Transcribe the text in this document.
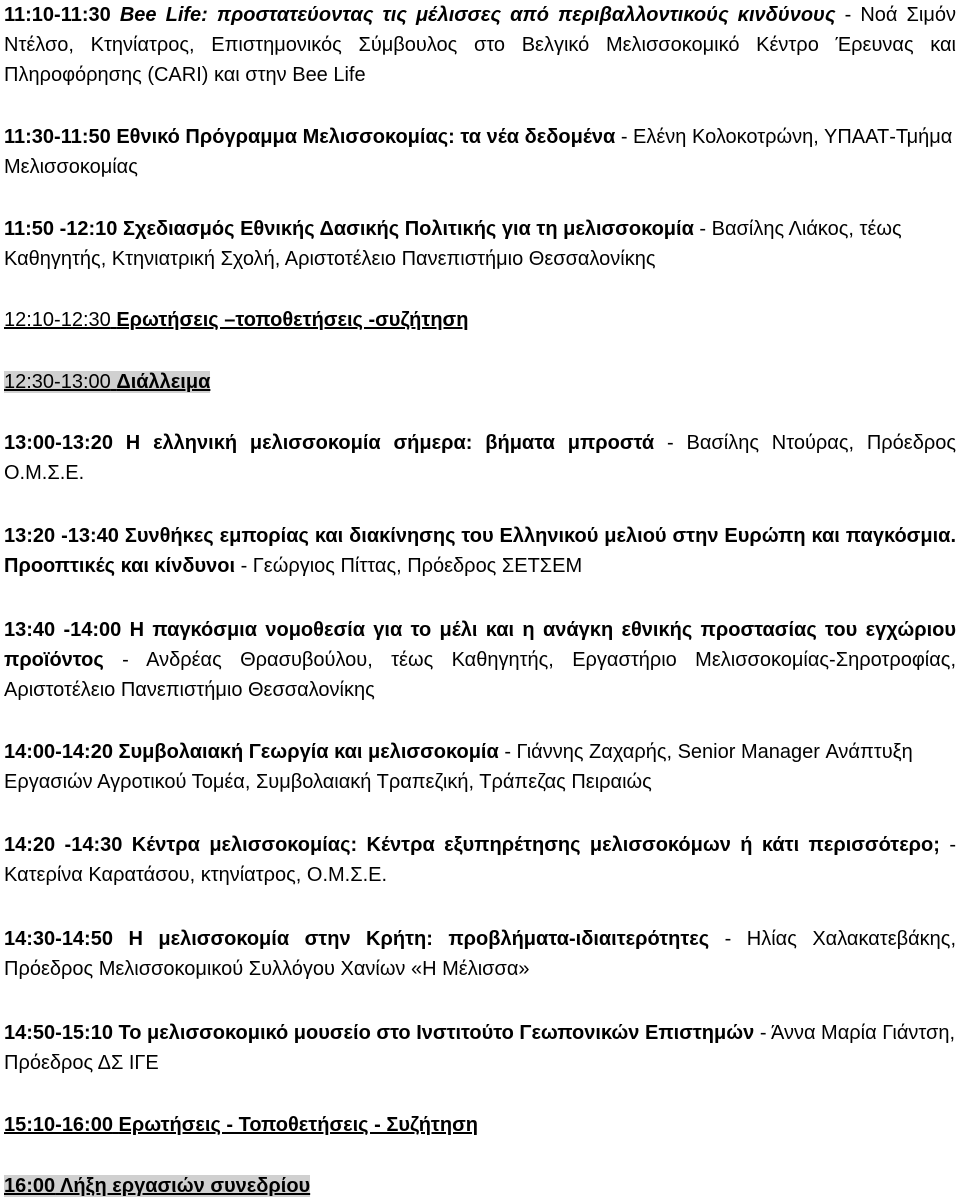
11:10-11:30 Bee Life: προστατεύοντας τις μέλισσες από περιβαλλοντικούς κινδύνους - Νοά Σιμόν Ντέλσο, Κτηνίατρος, Επιστημονικός Σύμβουλος στο Βελγικό Μελισσοκομικό Κέντρο Έρευνας και Πληροφόρησης (CARI) και στην Bee Life

11:30-11:50 Εθνικό Πρόγραμμα Μελισσοκομίας: τα νέα δεδομένα - Ελένη Κολοκοτρώνη, ΥΠΑΑΤ-Τμήμα Μελισσοκομίας

11:50 -12:10 Σχεδιασμός Εθνικής Δασικής Πολιτικής για τη μελισσοκομία - Βασίλης Λιάκος, τέως Καθηγητής, Κτηνιατρική Σχολή, Αριστοτέλειο Πανεπιστήμιο Θεσσαλονίκης

12:10-12:30 Ερωτήσεις –τοποθετήσεις -συζήτηση

12:30-13:00 Διάλλειμα

13:00-13:20 Η ελληνική μελισσοκομία σήμερα: βήματα μπροστά - Βασίλης Ντούρας, Πρόεδρος Ο.Μ.Σ.Ε.

13:20 -13:40 Συνθήκες εμπορίας και διακίνησης του Ελληνικού μελιού στην Ευρώπη και παγκόσμια. Προοπτικές και κίνδυνοι - Γεώργιος Πίττας, Πρόεδρος ΣΕΤΣΕΜ

13:40 -14:00 Η παγκόσμια νομοθεσία για το μέλι και η ανάγκη εθνικής προστασίας του εγχώριου προϊόντος - Ανδρέας Θρασυβούλου, τέως Καθηγητής, Εργαστήριο Μελισσοκομίας-Σηροτροφίας, Αριστοτέλειο Πανεπιστήμιο Θεσσαλονίκης

14:00-14:20 Συμβολαιακή Γεωργία και μελισσοκομία - Γιάννης Ζαχαρής, Senior Manager Ανάπτυξη Εργασιών Αγροτικού Τομέα, Συμβολαιακή Τραπεζική, Τράπεζας Πειραιώς

14:20 -14:30 Κέντρα μελισσοκομίας: Κέντρα εξυπηρέτησης μελισσοκόμων ή κάτι περισσότερο; - Κατερίνα Καρατάσου, κτηνίατρος, Ο.Μ.Σ.Ε.

14:30-14:50 Η μελισσοκομία στην Κρήτη: προβλήματα-ιδιαιτερότητες - Ηλίας Χαλακατεβάκης, Πρόεδρος Μελισσοκομικού Συλλόγου Χανίων «Η Μέλισσα»

14:50-15:10 Το μελισσοκομικό μουσείο στο Ινστιτούτο Γεωπονικών Επιστημών - Άννα Μαρία Γιάντση, Πρόεδρος ΔΣ ΙΓΕ

15:10-16:00 Ερωτήσεις - Τοποθετήσεις - Συζήτηση

16:00 Λήξη εργασιών συνεδρίου
